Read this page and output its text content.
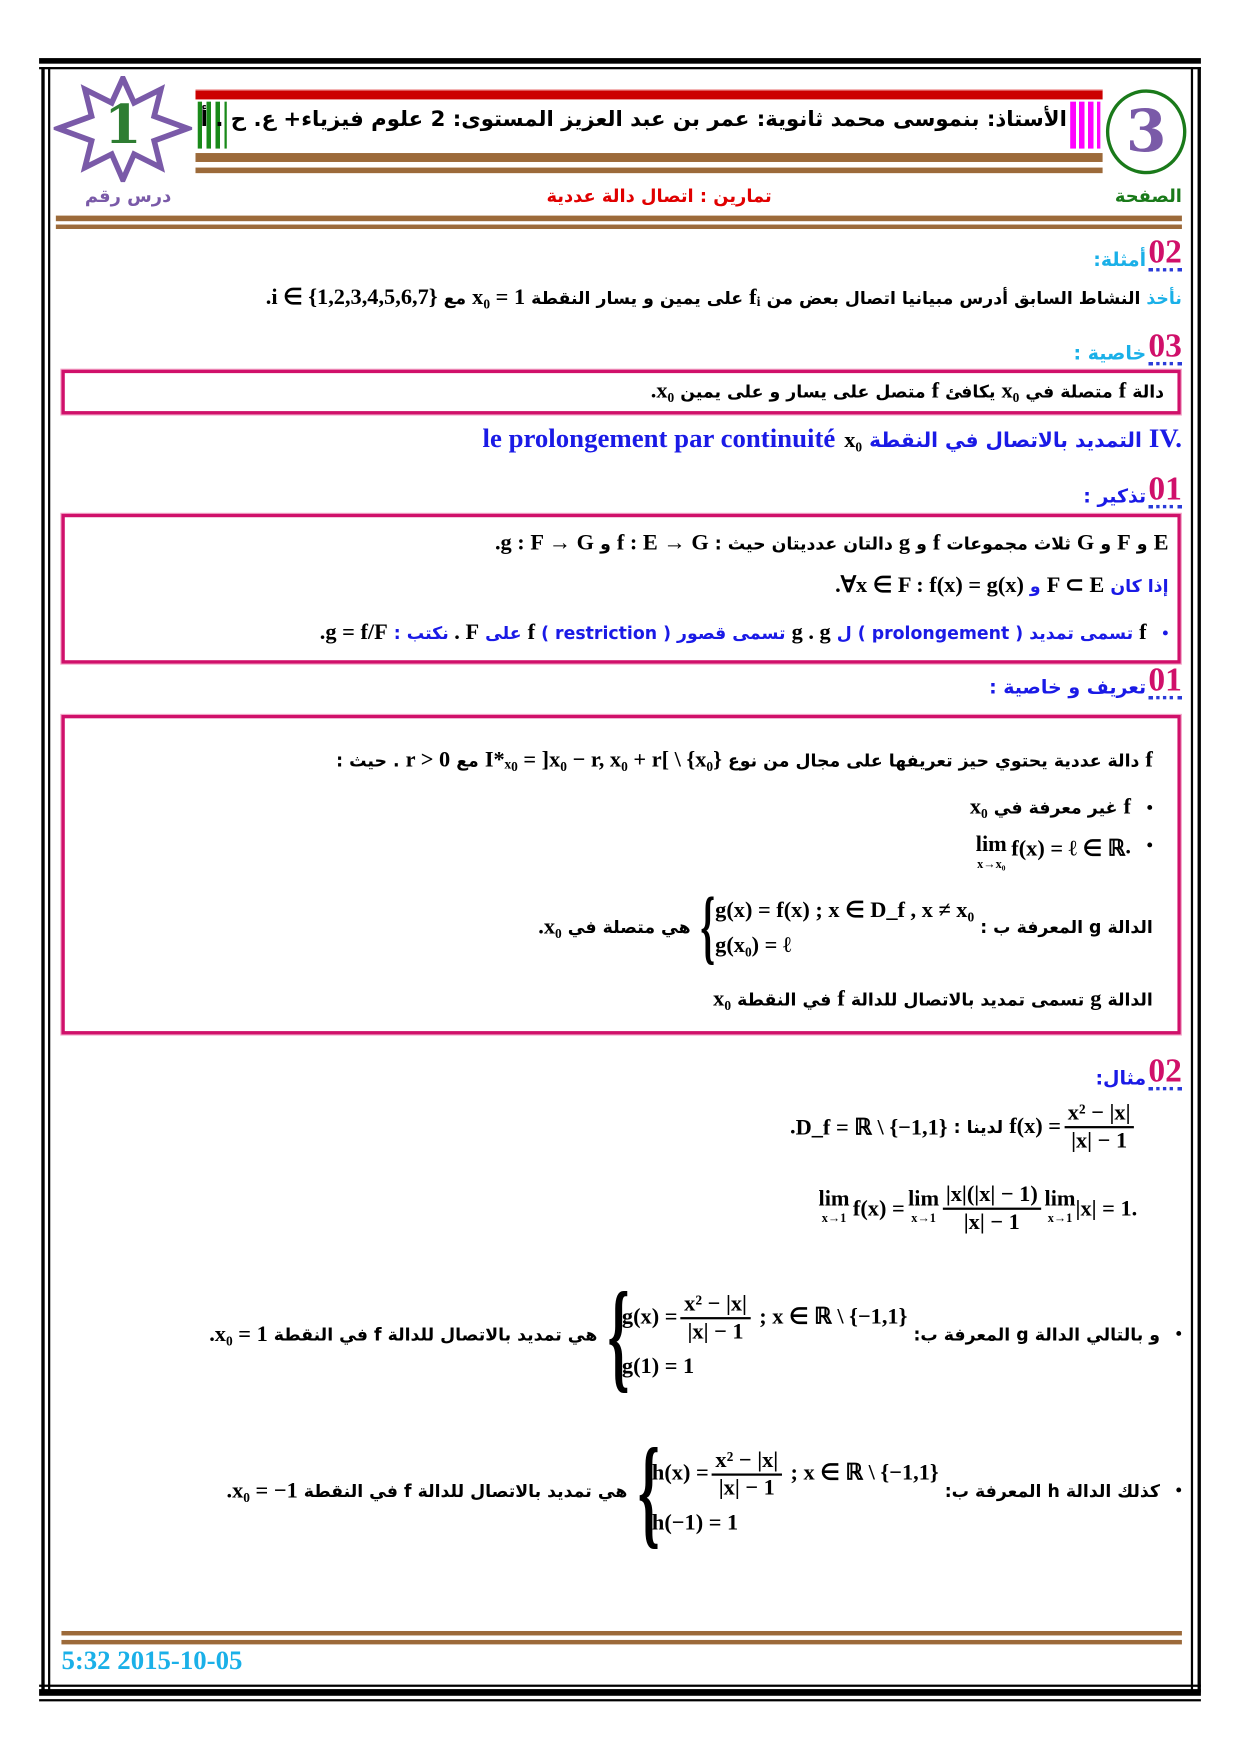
1	الأستاذ: بنموسى محمد ثانوية: عمر بن عبد العزيز المستوى: 2 علوم فيزياء+ ع. ح . أ	3
الصفحة
تمارين : اتصال دالة عددية
درس رقم
02
أمثلة:
نأخذ النشاط السابق أدرس مبيانيا اتصال بعض من fᵢ على يمين و يسار النقطة x₀ = 1 مع i ∈ {1,2,3,4,5,6,7}.
03
خاصية :
دالة f متصلة في x₀ يكافئ f متصل على يسار و على يمين x₀ .
IV. التمديد بالاتصال في النقطة x₀le prolongement par continuité
01
تذكير :
E و F و G ثلاث مجموعات f و g دالتان عدديتان حيث : f : E → G و g : F → G .
إذا كان F ⊂ E و ∀x ∈ F : f(x) = g(x) .
•f تسمى تمديد ( prolongement ) ل g . g تسمى قصور ( restriction ) f على F . نكتب : g = f/F .
01
تعريف و خاصية :
f دالة عددية يحتوي حيز تعريفها على مجال من نوع I*ₓ₀ = ]x₀ − r, x₀ + r[ \ {x₀} مع r > 0 . حيث :
•f غير معرفة في x₀
•
lim
x→x₀
f(x) = ℓ ∈ ℝ .
الدالة g المعرفة ب :
{ g(x) = f(x) ; x ∈ D_f , x ≠ x₀
g(x₀) = ℓ
هي متصلة في x₀ .
الدالة g تسمى تمديد بالاتصال للدالة f في النقطة x₀
02
مثال:
$f(x) = \frac{\text{x² − |x|}}{|x| - 1}$
لدينا : D_f = ℝ \ {−1,1} .
lim
x→1 f(x) = lim
$x\to 1 \frac{|x|(|x| - 1)}{|x| - 1}$ lim
x→1 |x| = 1 .
•و بالتالي الدالة g المعرفة ب:
{
$g(x) = \frac{\text{x² − |x|}}{|x| - 1}$ ; x ∈ ℝ \ {−1,1}
g(1) = 1
هي تمديد بالاتصال للدالة f في النقطة x₀ = 1 .
•كذلك الدالة h المعرفة ب:
{
$h(x) = \frac{\text{x² − |x|}}{|x| - 1}$ ; x ∈ ℝ \ {−1,1}
h(−1) = 1
هي تمديد بالاتصال للدالة f في النقطة x₀ = −1 .
5:32 2015-10-05
